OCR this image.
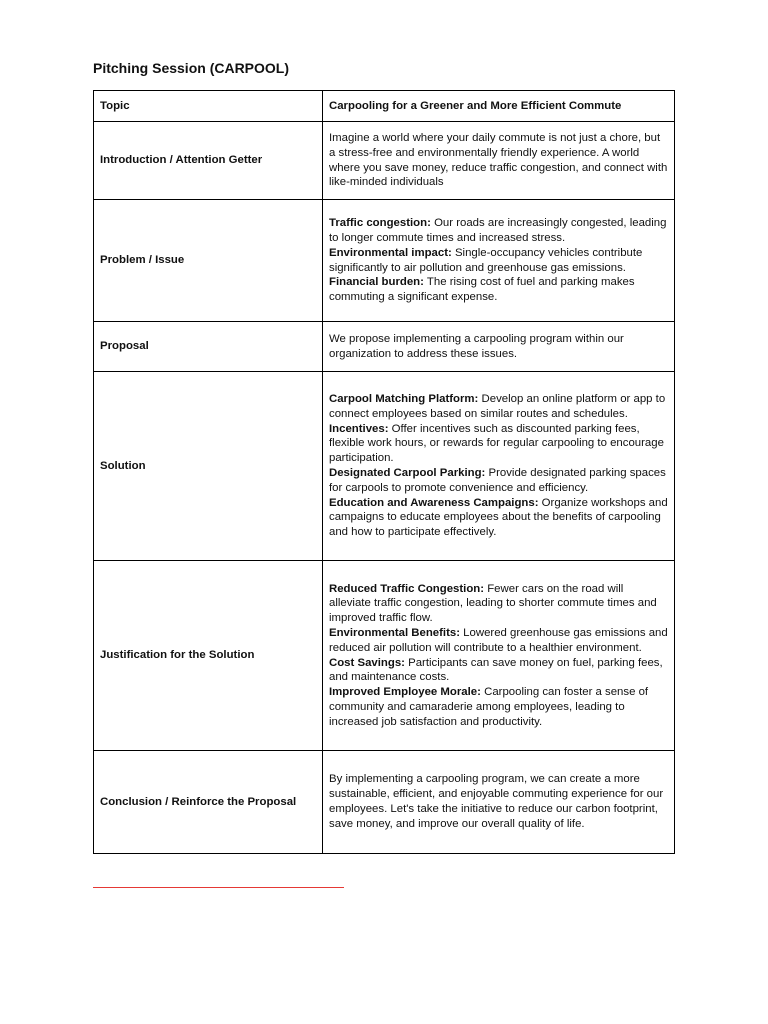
Pitching Session (CARPOOL)
Topic	Carpooling for a Greener and More Efficient Commute
Introduction / Attention Getter	Imagine a world where your daily commute is not just a chore, but a stress-free and environmentally friendly experience. A world where you save money, reduce traffic congestion, and connect with like-minded individuals

Problem / Issue	Traffic congestion: Our roads are increasingly congested, leading to longer commute times and increased stress.
Environmental impact: Single-occupancy vehicles contribute significantly to air pollution and greenhouse gas emissions.
Financial burden: The rising cost of fuel and parking makes commuting a significant expense.

Proposal	We propose implementing a carpooling program within our organization to address these issues.

Solution	Carpool Matching Platform: Develop an online platform or app to connect employees based on similar routes and schedules.
Incentives: Offer incentives such as discounted parking fees, flexible work hours, or rewards for regular carpooling to encourage participation.
Designated Carpool Parking: Provide designated parking spaces for carpools to promote convenience and efficiency.
Education and Awareness Campaigns: Organize workshops and campaigns to educate employees about the benefits of carpooling and how to participate effectively.

Justification for the Solution	Reduced Traffic Congestion: Fewer cars on the road will alleviate traffic congestion, leading to shorter commute times and improved traffic flow.
Environmental Benefits: Lowered greenhouse gas emissions and reduced air pollution will contribute to a healthier environment.
Cost Savings: Participants can save money on fuel, parking fees, and maintenance costs.
Improved Employee Morale: Carpooling can foster a sense of community and camaraderie among employees, leading to increased job satisfaction and productivity.

Conclusion / Reinforce the Proposal	By implementing a carpooling program, we can create a more sustainable, efficient, and enjoyable commuting experience for our employees. Let's take the initiative to reduce our carbon footprint, save money, and improve our overall quality of life.
